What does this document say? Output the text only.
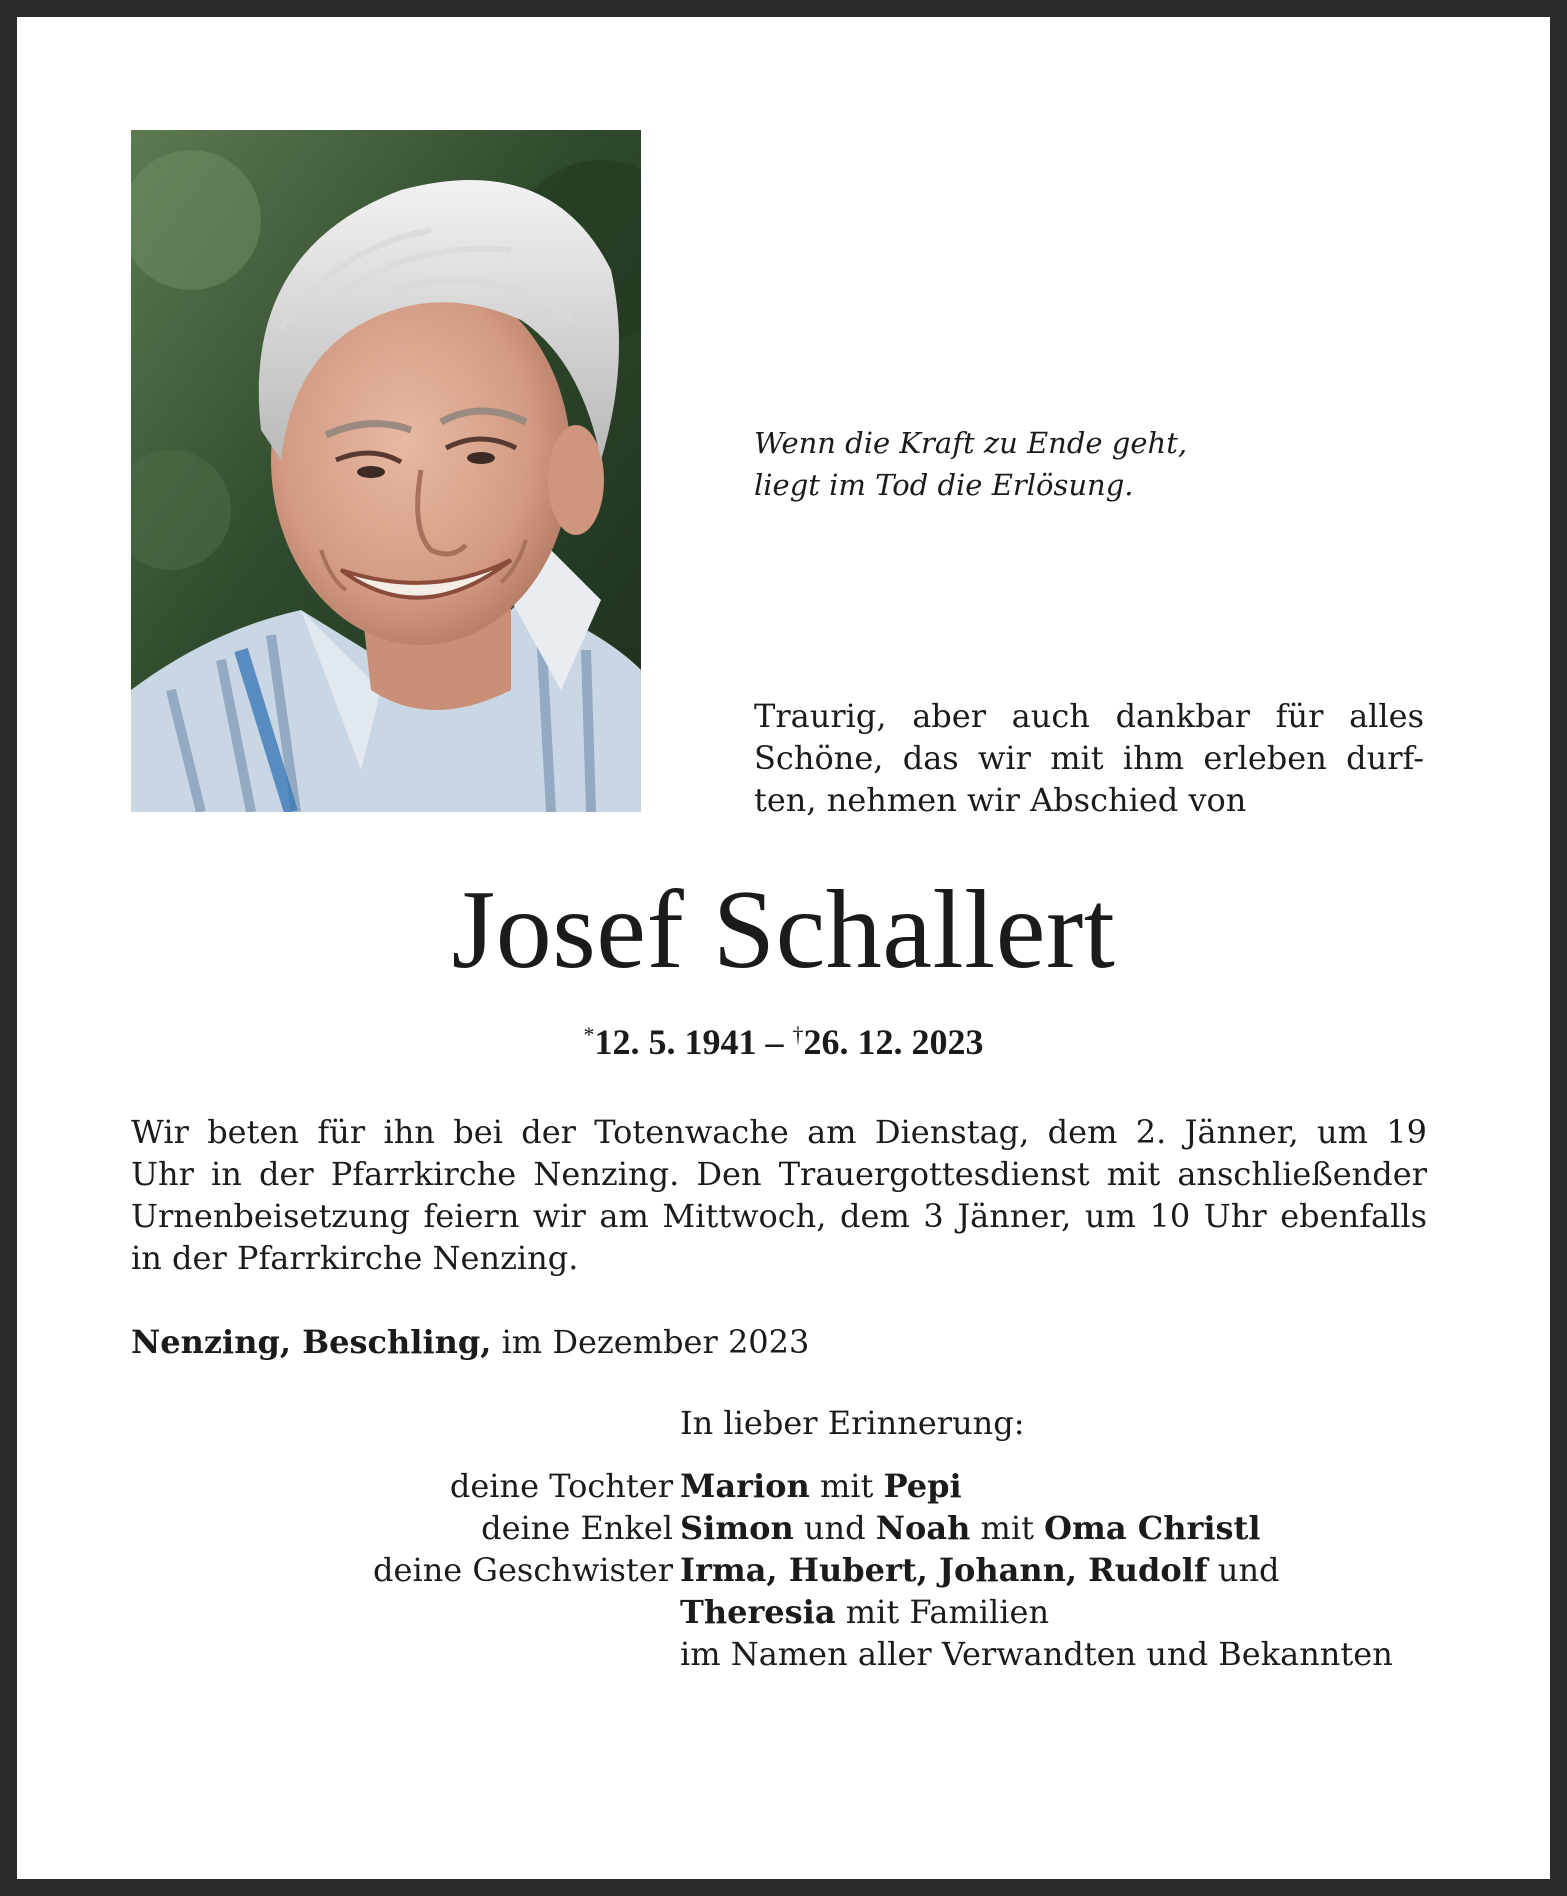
Wenn die Kraft zu Ende geht,
liegt im Tod die Erlösung.
Traurig, aber auch dankbar für alles
Schöne, das wir mit ihm erleben durf-
ten, nehmen wir Abschied von
Josef Schallert
*12. 5. 1941 – †26. 12. 2023
Wir beten für ihn bei der Totenwache am Dienstag, dem 2. Jänner, um 19
Uhr in der Pfarrkirche Nenzing. Den Trauergottesdienst mit anschließender
Urnenbeisetzung feiern wir am Mittwoch, dem 3 Jänner, um 10 Uhr ebenfalls
in der Pfarrkirche Nenzing.
Nenzing, Beschling, im Dezember 2023
In lieber Erinnerung:
deine Tochter Marion mit Pepi
deine Enkel Simon und Noah mit Oma Christl
deine Geschwister Irma, Hubert, Johann, Rudolf und
Theresia mit Familien
im Namen aller Verwandten und Bekannten
